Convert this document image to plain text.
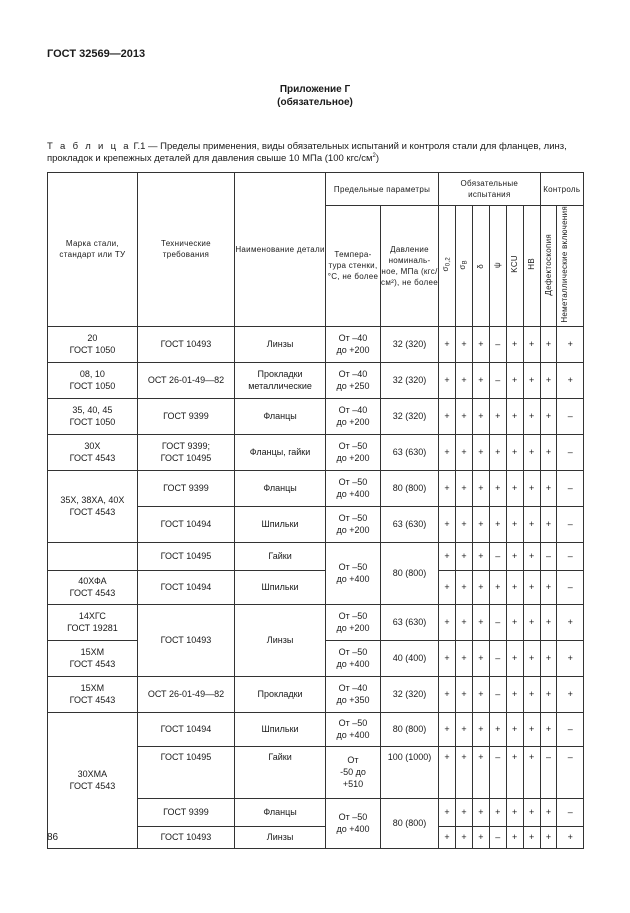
ГОСТ 32569—2013
Приложение Г
(обязательное)
Т а б л и ц а Г.1 — Пределы применения, виды обязательных испытаний и контроля стали для фланцев, линз, прокладок и крепежных деталей для давления свыше 10 МПа (100 кгс/$см^2$)
Марка стали, стандарт или ТУ	Технические требования	Наименование детали	Предельные параметры		Обязательные испытания						Контроль	
			Темпера-тура стенки, °С, не более	Давление номиналь-ное, МПа (кгс/см²), не более	$\sigma_{0,2}$	$\sigma_В$	δ	ψ	KCU	HB	Дефектоскопия	Неметаллические включения
20
ГОСТ 1050	ГОСТ 10493	Линзы	От –40
до +200	32 (320)	+	+	+	–	+	+	+	+
08, 10
ГОСТ 1050	ОСТ 26-01-49—82	Прокладки
металлические	От –40
до +250	32 (320)	+	+	+	–	+	+	+	+
35, 40, 45
ГОСТ 1050	ГОСТ 9399	Фланцы	От –40
до +200	32 (320)	+	+	+	+	+	+	+	–
30Х
ГОСТ 4543	ГОСТ 9399;
ГОСТ 10495	Фланцы, гайки	От –50
до +200	63 (630)	+	+	+	+	+	+	+	–
35Х, 38ХА, 40Х
ГОСТ 4543	ГОСТ 9399	Фланцы	От –50
до +400	80 (800)	+	+	+	+	+	+	+	–
	ГОСТ 10494	Шпильки	От –50
до +200	63 (630)	+	+	+	+	+	+	+	–
	ГОСТ 10495	Гайки	От –50
до +400	80 (800)	+	+	+	–	+	+	–	–
40ХФА
ГОСТ 4543	ГОСТ 10494	Шпильки			+	+	+	+	+	+	+	–
14ХГС
ГОСТ 19281	ГОСТ 10493	Линзы	От –50
до +200	63 (630)	+	+	+	–	+	+	+	+
15ХМ
ГОСТ 4543			От –50
до +400	40 (400)	+	+	+	–	+	+	+	+
15ХМ
ГОСТ 4543	ОСТ 26-01-49—82	Прокладки	От –40
до +350	32 (320)	+	+	+	–	+	+	+	+
30ХМА
ГОСТ 4543	ГОСТ 10494	Шпильки	От –50
до +400	80 (800)	+	+	+	+	+	+	+	–
	ГОСТ 10495	Гайки	От
-50 до
+510	100 (1000)	+	+	+	–	+	+	–	–
	ГОСТ 9399	Фланцы	От –50
до +400	80 (800)	+	+	+	+	+	+	+	–
	ГОСТ 10493	Линзы			+	+	+	–	+	+	+	+
86
